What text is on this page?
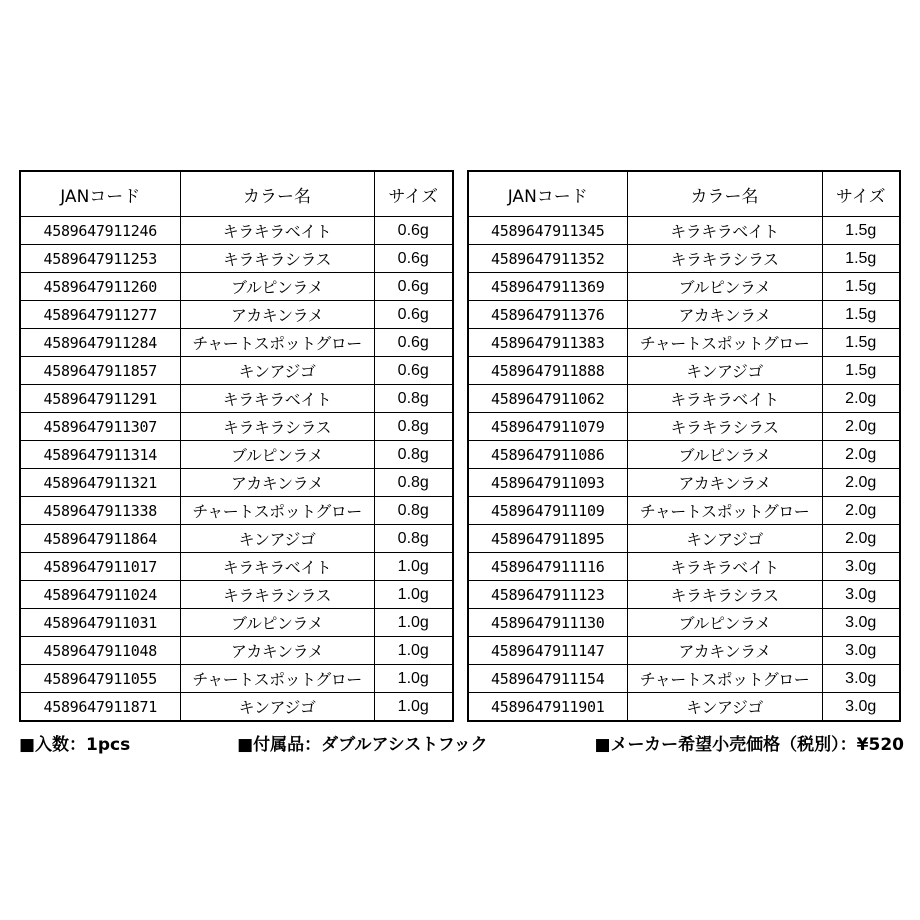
JANコード	カラー名	サイズ
4589647911246	キラキラベイト	0.6g
4589647911253	キラキラシラス	0.6g
4589647911260	ブルピンラメ	0.6g
4589647911277	アカキンラメ	0.6g
4589647911284	チャートスポットグロー	0.6g
4589647911857	キンアジゴ	0.6g
4589647911291	キラキラベイト	0.8g
4589647911307	キラキラシラス	0.8g
4589647911314	ブルピンラメ	0.8g
4589647911321	アカキンラメ	0.8g
4589647911338	チャートスポットグロー	0.8g
4589647911864	キンアジゴ	0.8g
4589647911017	キラキラベイト	1.0g
4589647911024	キラキラシラス	1.0g
4589647911031	ブルピンラメ	1.0g
4589647911048	アカキンラメ	1.0g
4589647911055	チャートスポットグロー	1.0g
4589647911871	キンアジゴ	1.0g
JANコード	カラー名	サイズ
4589647911345	キラキラベイト	1.5g
4589647911352	キラキラシラス	1.5g
4589647911369	ブルピンラメ	1.5g
4589647911376	アカキンラメ	1.5g
4589647911383	チャートスポットグロー	1.5g
4589647911888	キンアジゴ	1.5g
4589647911062	キラキラベイト	2.0g
4589647911079	キラキラシラス	2.0g
4589647911086	ブルピンラメ	2.0g
4589647911093	アカキンラメ	2.0g
4589647911109	チャートスポットグロー	2.0g
4589647911895	キンアジゴ	2.0g
4589647911116	キラキラベイト	3.0g
4589647911123	キラキラシラス	3.0g
4589647911130	ブルピンラメ	3.0g
4589647911147	アカキンラメ	3.0g
4589647911154	チャートスポットグロー	3.0g
4589647911901	キンアジゴ	3.0g
■入数：1pcs	■付属品：ダブルアシストフック	■メーカー希望小売価格（税別）：¥520
